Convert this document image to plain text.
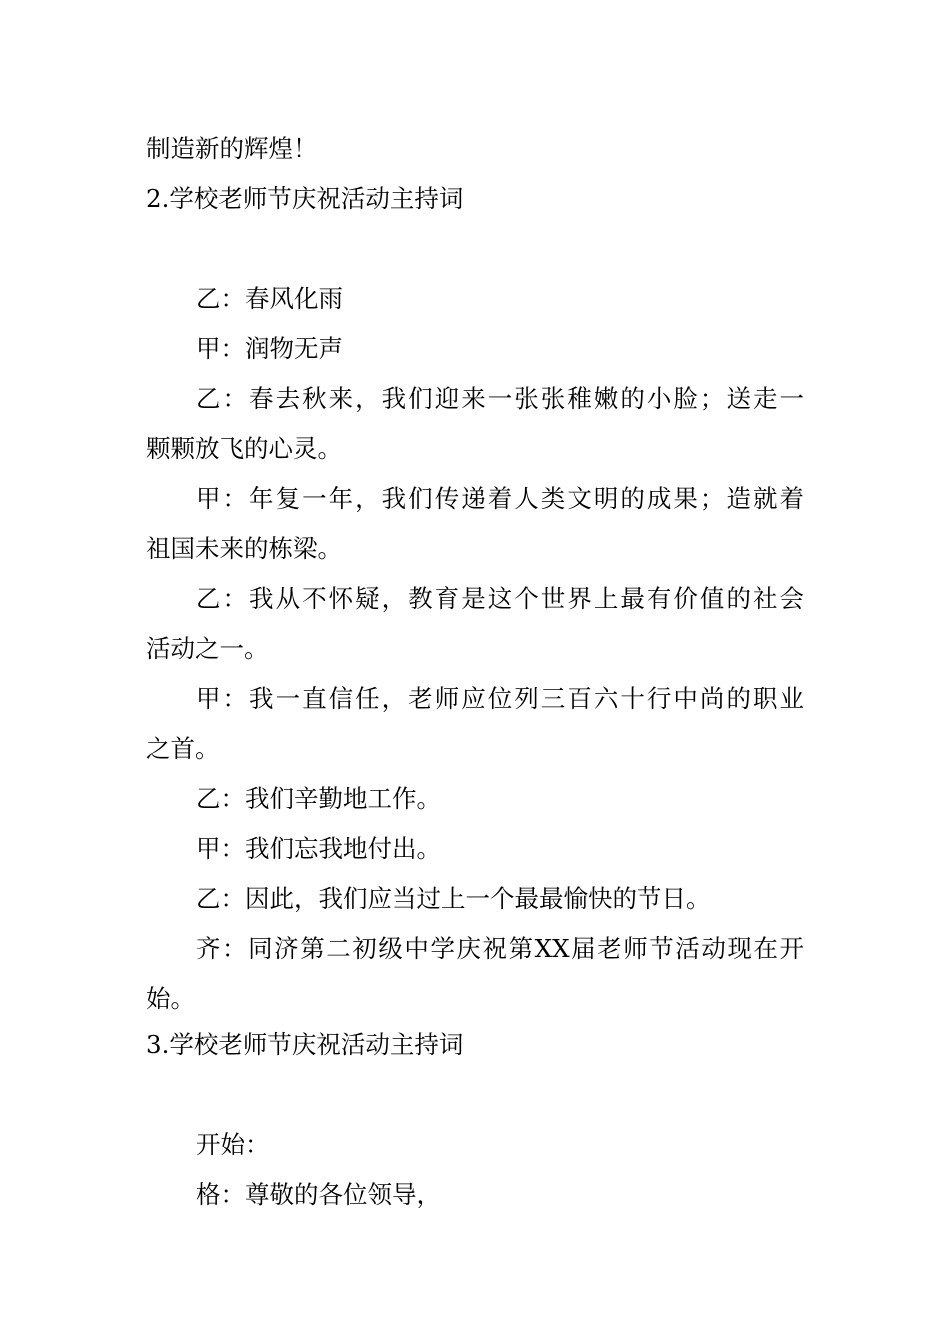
制造新的辉煌！
2.学校老师节庆祝活动主持词
乙：春风化雨
甲：润物无声
乙：春去秋来，我们迎来一张张稚嫩的小脸；送走一
颗颗放飞的心灵。
甲：年复一年，我们传递着人类文明的成果；造就着
祖国未来的栋梁。
乙：我从不怀疑，教育是这个世界上最有价值的社会
活动之一。
甲：我一直信任，老师应位列三百六十行中尚的职业
之首。
乙：我们辛勤地工作。
甲：我们忘我地付出。
乙：因此，我们应当过上一个最最愉快的节日。
齐：同济第二初级中学庆祝第XX届老师节活动现在开
始。
3.学校老师节庆祝活动主持词
开始：
格：尊敬的各位领导，
